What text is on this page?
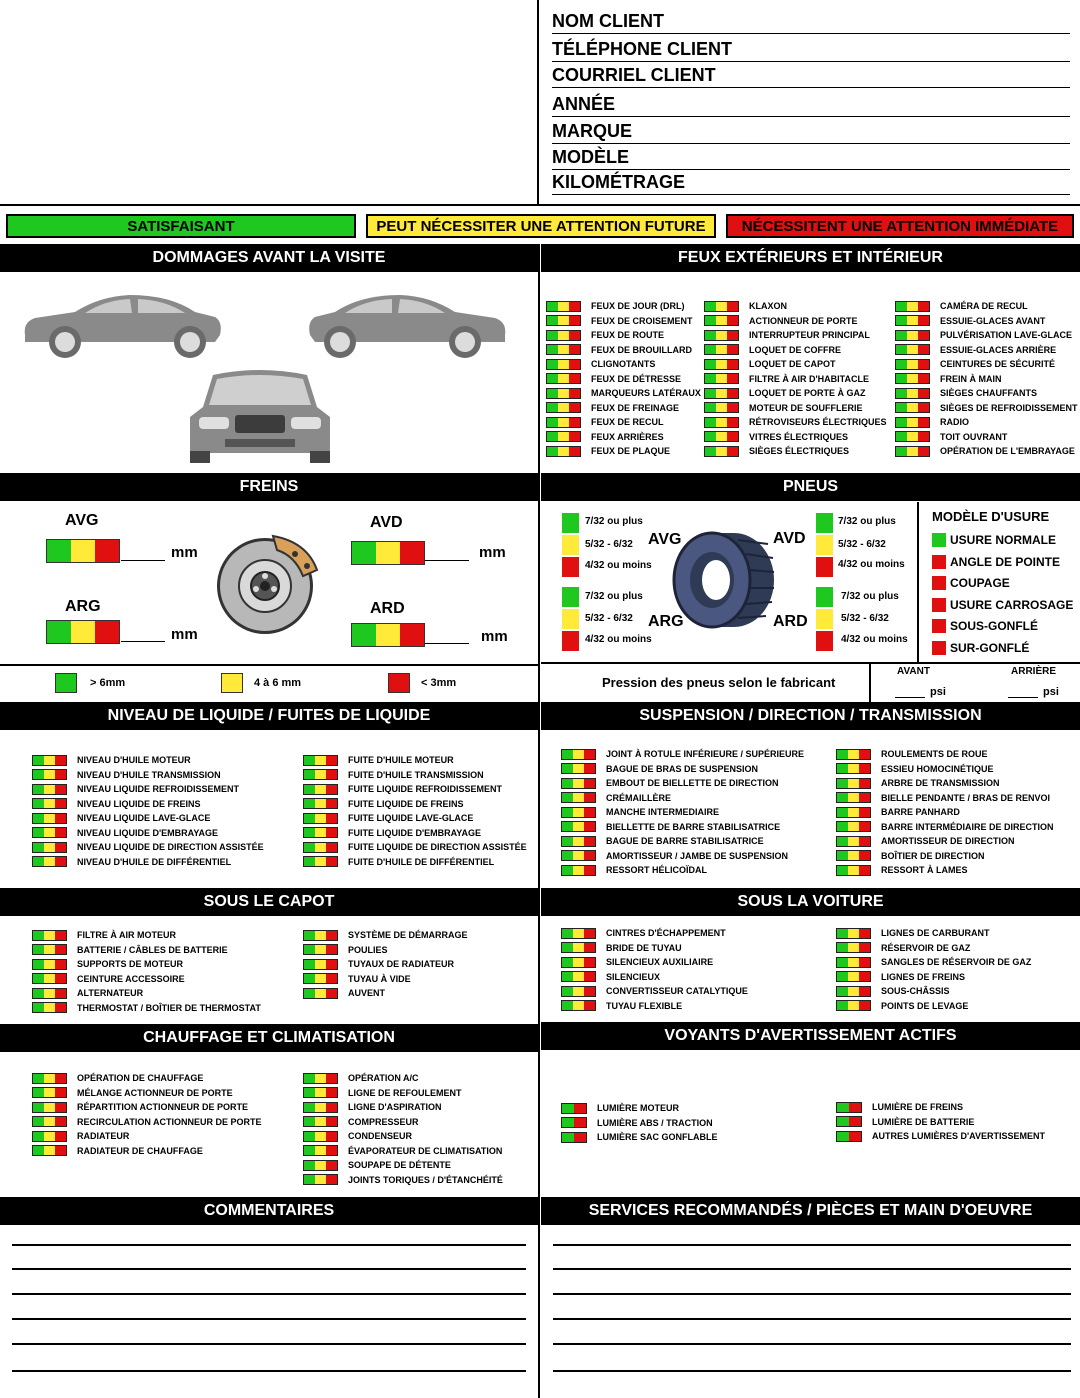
NOM CLIENT
TÉLÉPHONE CLIENT
COURRIEL CLIENT
ANNÉE
MARQUE
MODÈLE
KILOMÉTRAGE
SATISFAISANT	PEUT NÉCESSITER UNE ATTENTION FUTURE	NÉCESSITENT UNE ATTENTION IMMÉDIATE
DOMMAGES AVANT LA VISITE	FEUX EXTÉRIEURS ET INTÉRIEUR
FREINS	PNEUS
NIVEAU DE LIQUIDE / FUITES DE LIQUIDE	SUSPENSION / DIRECTION / TRANSMISSION
SOUS LE CAPOT	SOUS LA VOITURE
CHAUFFAGE ET CLIMATISATION	VOYANTS D'AVERTISSEMENT ACTIFS
COMMENTAIRES	SERVICES RECOMMANDÉS / PIÈCES ET MAIN D'OEUVRE
FEUX DE JOUR (DRL)
FEUX DE CROISEMENT
FEUX DE ROUTE
FEUX DE BROUILLARD
CLIGNOTANTS
FEUX DE DÉTRESSE
MARQUEURS LATÉRAUX
FEUX DE FREINAGE
FEUX DE RECUL
FEUX ARRIÈRES
FEUX DE PLAQUE
KLAXON
ACTIONNEUR DE PORTE
INTERRUPTEUR PRINCIPAL
LOQUET DE COFFRE
LOQUET DE CAPOT
FILTRE À AIR D'HABITACLE
LOQUET DE PORTE À GAZ
MOTEUR DE SOUFFLERIE
RÉTROVISEURS ÉLECTRIQUES
VITRES ÉLECTRIQUES
SIÈGES ÉLECTRIQUES
CAMÉRA DE RECUL
ESSUIE-GLACES AVANT
PULVÉRISATION LAVE-GLACE
ESSUIE-GLACES ARRIÈRE
CEINTURES DE SÉCURITÉ
FREIN À MAIN
SIÈGES CHAUFFANTS
SIÈGES DE REFROIDISSEMENT
RADIO
TOIT OUVRANT
OPÉRATION DE L'EMBRAYAGE
AVG	AVD
ARG	ARD
mm	mm
mm	mm
> 6mm	4 à 6 mm	< 3mm
7/32 ou plus
5/32 - 6/32
4/32 ou moins
7/32 ou plus
5/32 - 6/32
4/32 ou moins
7/32 ou plus
5/32 - 6/32
4/32 ou moins
7/32 ou plus
5/32 - 6/32
4/32 ou moins
AVG	AVD
ARG	ARD
MODÈLE D'USURE
USURE NORMALE
ANGLE DE POINTE
COUPAGE
USURE CARROSAGE
SOUS-GONFLÉ
SUR-GONFLÉ
Pression des pneus selon le fabricant
AVANT	ARRIÈRE
psi	psi
NIVEAU D'HUILE MOTEUR
NIVEAU D'HUILE TRANSMISSION
NIVEAU LIQUIDE REFROIDISSEMENT
NIVEAU LIQUIDE DE FREINS
NIVEAU LIQUIDE LAVE-GLACE
NIVEAU LIQUIDE D'EMBRAYAGE
NIVEAU LIQUIDE DE DIRECTION ASSISTÉE
NIVEAU D'HUILE DE DIFFÉRENTIEL
FUITE D'HUILE MOTEUR
FUITE D'HUILE TRANSMISSION
FUITE LIQUIDE REFROIDISSEMENT
FUITE LIQUIDE DE FREINS
FUITE LIQUIDE LAVE-GLACE
FUITE LIQUIDE D'EMBRAYAGE
FUITE LIQUIDE DE DIRECTION ASSISTÉE
FUITE D'HUILE DE DIFFÉRENTIEL
JOINT À ROTULE INFÉRIEURE / SUPÉRIEURE
BAGUE DE BRAS DE SUSPENSION
EMBOUT DE BIELLETTE DE DIRECTION
CRÉMAILLÈRE
MANCHE INTERMEDIAIRE
BIELLETTE DE BARRE STABILISATRICE
BAGUE DE BARRE STABILISATRICE
AMORTISSEUR / JAMBE DE SUSPENSION
RESSORT HÉLICOÏDAL
ROULEMENTS DE ROUE
ESSIEU HOMOCINÉTIQUE
ARBRE DE TRANSMISSION
BIELLE PENDANTE / BRAS DE RENVOI
BARRE PANHARD
BARRE INTERMÉDIAIRE DE DIRECTION
AMORTISSEUR DE DIRECTION
BOÎTIER DE DIRECTION
RESSORT À LAMES
FILTRE À AIR MOTEUR
BATTERIE / CÂBLES DE BATTERIE
SUPPORTS DE MOTEUR
CEINTURE ACCESSOIRE
ALTERNATEUR
THERMOSTAT / BOÎTIER DE THERMOSTAT
SYSTÈME DE DÉMARRAGE
POULIES
TUYAUX DE RADIATEUR
TUYAU À VIDE
AUVENT
CINTRES D'ÉCHAPPEMENT
BRIDE DE TUYAU
SILENCIEUX AUXILIAIRE
SILENCIEUX
CONVERTISSEUR CATALYTIQUE
TUYAU FLEXIBLE
LIGNES DE CARBURANT
RÉSERVOIR DE GAZ
SANGLES DE RÉSERVOIR DE GAZ
LIGNES DE FREINS
SOUS-CHÂSSIS
POINTS DE LEVAGE
OPÉRATION DE CHAUFFAGE
MÉLANGE ACTIONNEUR DE PORTE
RÉPARTITION ACTIONNEUR DE PORTE
RECIRCULATION ACTIONNEUR DE PORTE
RADIATEUR
RADIATEUR DE CHAUFFAGE
OPÉRATION A/C
LIGNE DE REFOULEMENT
LIGNE D'ASPIRATION
COMPRESSEUR
CONDENSEUR
ÉVAPORATEUR DE CLIMATISATION
SOUPAPE DE DÉTENTE
JOINTS TORIQUES / D'ÉTANCHÉITÉ
LUMIÈRE MOTEUR
LUMIÈRE ABS / TRACTION
LUMIÈRE SAC GONFLABLE
LUMIÈRE DE FREINS
LUMIÈRE DE BATTERIE
AUTRES LUMIÈRES D'AVERTISSEMENT
